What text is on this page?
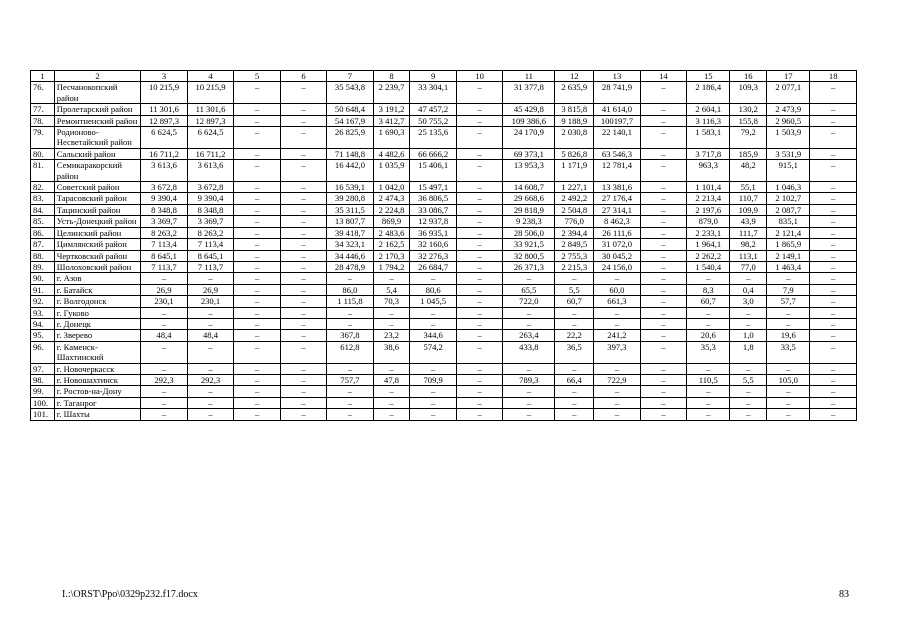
1	2	3	4	5	6	7	8	9	10	11	12	13	14	15	16	17	18
76.	Песчанокопский район	10 215,9	10 215,9	–	–	35 543,8	2 239,7	33 304,1	–	31 377,8	2 635,9	28 741,9	–	2 186,4	109,3	2 077,1	–
77.	Пролетарский район	11 301,6	11 301,6	–	–	50 648,4	3 191,2	47 457,2	–	45 429,8	3 815,8	41 614,0	–	2 604,1	130,2	2 473,9	–
78.	Ремонтненский район	12 897,3	12 897,3	–	–	54 167,9	3 412,7	50 755,2	–	109 386,6	9 188,9	100197,7	–	3 116,3	155,8	2 960,5	–
79.	Родионово-Несветайский район	6 624,5	6 624,5	–	–	26 825,9	1 690,3	25 135,6	–	24 170,9	2 030,8	22 140,1	–	1 583,1	79,2	1 503,9	–
80.	Сальский район	16 711,2	16 711,2	–	–	71 148,8	4 482,6	66 666,2	–	69 373,1	5 826,8	63 546,3	–	3 717,8	185,9	3 531,9	–
81.	Семикаракорский район	3 613,6	3 613,6	–	–	16 442,0	1 035,9	15 406,1	–	13 953,3	1 171,9	12 781,4	–	963,3	48,2	915,1	–
82.	Советский район	3 672,8	3 672,8	–	–	16 539,1	1 042,0	15 497,1	–	14 608,7	1 227,1	13 381,6	–	1 101,4	55,1	1 046,3	–
83.	Тарасовский район	9 390,4	9 390,4	–	–	39 280,8	2 474,3	36 806,5	–	29 668,6	2 492,2	27 176,4	–	2 213,4	110,7	2 102,7	–
84.	Тацинский район	8 348,8	8 348,8	–	–	35 311,5	2 224,8	33 086,7	–	29 818,9	2 504,8	27 314,1	–	2 197,6	109,9	2 087,7	–
85.	Усть-Донецкий район	3 369,7	3 369,7	–	–	13 807,7	869,9	12 937,8	–	9 238,3	776,0	8 462,3	–	879,0	43,9	835,1	–
86.	Целинский район	8 263,2	8 263,2	–	–	39 418,7	2 483,6	36 935,1	–	28 506,0	2 394,4	26 111,6	–	2 233,1	111,7	2 121,4	–
87.	Цимлянский район	7 113,4	7 113,4	–	–	34 323,1	2 162,5	32 160,6	–	33 921,5	2 849,5	31 072,0	–	1 964,1	98,2	1 865,9	–
88.	Чертковский район	8 645,1	8 645,1	–	–	34 446,6	2 170,3	32 276,3	–	32 800,5	2 755,3	30 045,2	–	2 262,2	113,1	2 149,1	–
89.	Шолоховский район	7 113,7	7 113,7	–	–	28 478,9	1 794,2	26 684,7	–	26 371,3	2 215,3	24 156,0	–	1 540,4	77,0	1 463,4	–
90.	г. Азов	–	–	–	–	–	–	–	–	–	–	–	–	–	–	–	–
91.	г. Батайск	26,9	26,9	–	–	86,0	5,4	80,6	–	65,5	5,5	60,0	–	8,3	0,4	7,9	–
92.	г. Волгодонск	230,1	230,1	–	–	1 115,8	70,3	1 045,5	–	722,0	60,7	661,3	–	60,7	3,0	57,7	–
93.	г. Гуково	–	–	–	–	–	–	–	–	–	–	–	–	–	–	–	–
94.	г. Донецк	–	–	–	–	–	–	–	–	–	–	–	–	–	–	–	–
95.	г. Зверево	48,4	48,4	–	–	367,8	23,2	344,6	–	263,4	22,2	241,2	–	20,6	1,0	19,6	–
96.	г. Каменск-Шахтинский	–	–	–	–	612,8	38,6	574,2	–	433,8	36,5	397,3	–	35,3	1,8	33,5	–
97.	г. Новочеркасск	–	–	–	–	–	–	–	–	–	–	–	–	–	–	–	–
98.	г. Новошахтинск	292,3	292,3	–	–	757,7	47,8	709,9	–	789,3	66,4	722,9	–	110,5	5,5	105,0	–
99.	г. Ростов-на-Дону	–	–	–	–	–	–	–	–	–	–	–	–	–	–	–	–
100.	г. Таганрог	–	–	–	–	–	–	–	–	–	–	–	–	–	–	–	–
101.	г. Шахты	–	–	–	–	–	–	–	–	–	–	–	–	–	–	–	–
I.:\ORST\Ppo\0329p232.f17.docx	83
